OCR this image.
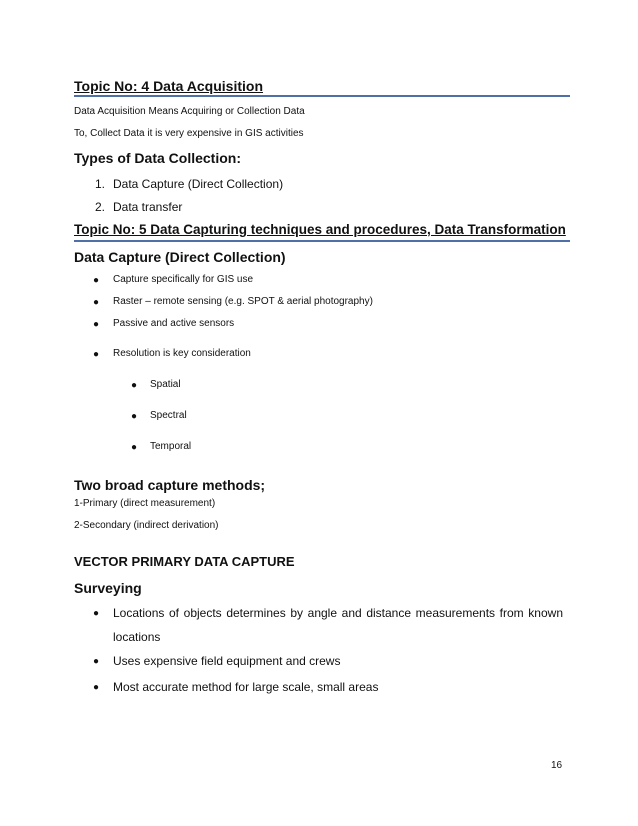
Topic No: 4 Data Acquisition
Data Acquisition Means Acquiring or Collection Data
To, Collect Data it is very expensive in GIS activities
Types of Data Collection:
1. Data Capture (Direct Collection)
2. Data transfer
Topic No: 5 Data Capturing techniques and procedures, Data Transformation
Data Capture (Direct Collection)
● Capture specifically for GIS use
● Raster – remote sensing (e.g. SPOT & aerial photography)
● Passive and active sensors
● Resolution is key consideration
● Spatial
● Spectral
● Temporal
Two broad capture methods;
1-Primary (direct measurement)
2-Secondary (indirect derivation)
VECTOR PRIMARY DATA CAPTURE
Surveying
● Locations of objects determines by angle and distance measurements from known
locations
● Uses expensive field equipment and crews
● Most accurate method for large scale, small areas
16
